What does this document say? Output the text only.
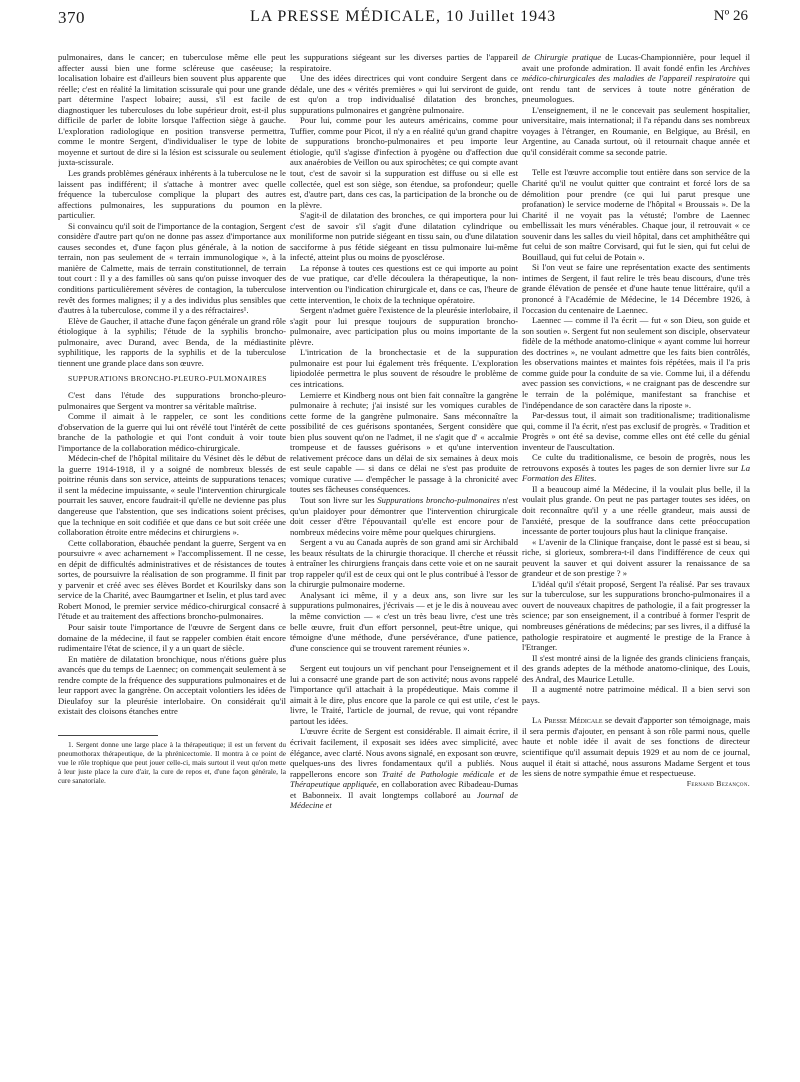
370	LA PRESSE MÉDICALE, 10 Juillet 1943	Nº 26

pulmonaires, dans le cancer; en tuberculose même elle peut affecter aussi bien une forme scléreuse que caséeuse; la localisation lobaire est d'ailleurs bien souvent plus apparente que réelle; c'est en réalité la limitation scissurale qui pour une grande part détermine l'aspect lobaire; aussi, s'il est facile de diagnostiquer les tuberculoses du lobe supérieur droit, est-il plus difficile de parler de lobite lorsque l'affection siège à gauche. L'exploration radiologique en position transverse permettra, comme le montre Sergent, d'individualiser le type de lobite moyenne et surtout de dire si la lésion est scissurale ou seulement juxta-scissurale.

Les grands problèmes généraux inhérents à la tuberculose ne le laissent pas indifférent; il s'attache à montrer avec quelle fréquence la tuberculose complique la plupart des autres affections pulmonaires, les suppurations du poumon en particulier.

Si convaincu qu'il soit de l'importance de la contagion, Sergent considère d'autre part qu'on ne donne pas assez d'importance aux causes secondes et, d'une façon plus générale, à la notion de terrain, non pas seulement de « terrain immunologique », à la manière de Calmette, mais de terrain constitutionnel, de terrain tout court : Il y a des familles où sans qu'on puisse invoquer des conditions particulièrement sévères de contagion, la tuberculose revêt des formes malignes; il y a des individus plus sensibles que d'autres à la tuberculose, comme il y a des réfractaires¹.

Elève de Gaucher, il attache d'une façon générale un grand rôle étiologique à la syphilis; l'étude de la syphilis broncho-pulmonaire, avec Durand, avec Benda, de la médiastinite syphilitique, les rapports de la syphilis et de la tuberculose tiennent une grande place dans son œuvre.

SUPPURATIONS BRONCHO-PLEURO-PULMONAIRES

C'est dans l'étude des suppurations broncho-pleuro-pulmonaires que Sergent va montrer sa véritable maîtrise.

Comme il aimait à le rappeler, ce sont les conditions d'observation de la guerre qui lui ont révélé tout l'intérêt de cette branche de la pathologie et qui l'ont conduit à voir toute l'importance de la collaboration médico-chirurgicale.

Médecin-chef de l'hôpital militaire du Vésinet dès le début de la guerre 1914-1918, il y a soigné de nombreux blessés de poitrine réunis dans son service, atteints de suppurations tenaces; il sent la médecine impuissante, « seule l'intervention chirurgicale pourrait les sauver, encore faudrait-il qu'elle ne devienne pas plus dangereuse que l'abstention, que ses indications soient précises, que la technique en soit codifiée et que dans ce but soit créée une collaboration étroite entre médecins et chirurgiens ».

Cette collaboration, ébauchée pendant la guerre, Sergent va en poursuivre « avec acharnement » l'accomplissement. Il ne cesse, en dépit de difficultés administratives et de résistances de toutes sortes, de poursuivre la réalisation de son programme. Il finit par y parvenir et créé avec ses élèves Bordet et Kourilsky dans son service de la Charité, avec Baumgartner et Iselin, et plus tard avec Robert Monod, le premier service médico-chirurgical consacré à l'étude et au traitement des affections broncho-pulmonaires.

Pour saisir toute l'importance de l'œuvre de Sergent dans ce domaine de la médecine, il faut se rappeler combien était encore rudimentaire l'état de science, il y a un quart de siècle.

En matière de dilatation bronchique, nous n'étions guère plus avancés que du temps de Laennec; on commençait seulement à se rendre compte de la fréquence des suppurations pulmonaires et de leur rapport avec la gangrène. On acceptait volontiers les idées de Dieulafoy sur la pleurésie interlobaire. On considérait qu'il existait des cloisons étanches entre

1. Sergent donne une large place à la thérapeutique; il est un fervent du pneumothorax thérapeutique, de la phrénicectomie. Il montra à ce point de vue le rôle trophique que peut jouer celle-ci, mais surtout il veut qu'on mette à leur juste place la cure d'air, la cure de repos et, d'une façon générale, la cure sanatoriale.

les suppurations siégeant sur les diverses parties de l'appareil respiratoire.

Une des idées directrices qui vont conduire Sergent dans ce dédale, une des « vérités premières » qui lui serviront de guide, est qu'on a trop individualisé dilatation des bronches, suppurations pulmonaires et gangrène pulmonaire.

Pour lui, comme pour les auteurs américains, comme pour Tuffier, comme pour Picot, il n'y a en réalité qu'un grand chapitre de suppurations broncho-pulmonaires et peu importe leur étiologie, qu'il s'agisse d'infection à pyogène ou d'affection due aux anaérobies de Veillon ou aux spirochètes; ce qui compte avant tout, c'est de savoir si la suppuration est diffuse ou si elle est collectée, quel est son siège, son étendue, sa profondeur; quelle est, d'autre part, dans ces cas, la participation de la bronche ou de la plèvre.

S'agit-il de dilatation des bronches, ce qui importera pour lui c'est de savoir s'il s'agit d'une dilatation cylindrique ou moniliforme non putride siégeant en tissu sain, ou d'une dilatation sacciforme à pus fétide siégeant en tissu pulmonaire lui-même infecté, atteint plus ou moins de pyosclérose.

La réponse à toutes ces questions est ce qui importe au point de vue pratique, car d'elle découlera la thérapeutique, la non-intervention ou l'indication chirurgicale et, dans ce cas, l'heure de cette intervention, le choix de la technique opératoire.

Sergent n'admet guère l'existence de la pleurésie interlobaire, il s'agit pour lui presque toujours de suppuration broncho-pulmonaire, avec participation plus ou moins importante de la plèvre.

L'intrication de la bronchectasie et de la suppuration pulmonaire est pour lui également très fréquente. L'exploration lipiodolée permettra le plus souvent de résoudre le problème de ces intrications.

Lemierre et Kindberg nous ont bien fait connaître la gangrène pulmonaire à rechute; j'ai insisté sur les vomiques curables de cette forme de la gangrène pulmonaire. Sans méconnaître la possibilité de ces guérisons spontanées, Sergent considère que bien plus souvent qu'on ne l'admet, il ne s'agit que d' « accalmie trompeuse et de fausses guérisons » et qu'une intervention relativement précoce dans un délai de six semaines à deux mois est seule capable — si dans ce délai ne s'est pas produite de vomique curative — d'empêcher le passage à la chronicité avec toutes ses fâcheuses conséquences.

Tout son livre sur les Suppurations broncho-pulmonaires n'est qu'un plaidoyer pour démontrer que l'intervention chirurgicale doit cesser d'être l'épouvantail qu'elle est encore pour de nombreux médecins voire même pour quelques chirurgiens.

Sergent a vu au Canada auprès de son grand ami sir Archibald les beaux résultats de la chirurgie thoracique. Il cherche et réussit à entraîner les chirurgiens français dans cette voie et on ne saurait trop rappeler qu'il est de ceux qui ont le plus contribué à l'essor de la chirurgie pulmonaire moderne.

Analysant ici même, il y a deux ans, son livre sur les suppurations pulmonaires, j'écrivais — et je le dis à nouveau avec la même conviction — « c'est un très beau livre, c'est une très belle œuvre, fruit d'un effort personnel, peut-être unique, qui témoigne d'une méthode, d'une persévérance, d'une patience, d'une conscience qui se trouvent rarement réunies ».

Sergent eut toujours un vif penchant pour l'enseignement et il lui a consacré une grande part de son activité; nous avons rappelé l'importance qu'il attachait à la propédeutique. Mais comme il aimait à le dire, plus encore que la parole ce qui est utile, c'est le livre, le Traité, l'article de journal, de revue, qui vont répandre partout les idées.

L'œuvre écrite de Sergent est considérable. Il aimait écrire, il écrivait facilement, il exposait ses idées avec simplicité, avec élégance, avec clarté. Nous avons signalé, en exposant son œuvre, quelques-uns des livres fondamentaux qu'il a publiés. Nous rappellerons encore son Traité de Pathologie médicale et de Thérapeutique appliquée, en collaboration avec Ribadeau-Dumas et Babonneix. Il avait longtemps collaboré au Journal de Médecine et

de Chirurgie pratique de Lucas-Championnière, pour lequel il avait une profonde admiration. Il avait fondé enfin les Archives médico-chirurgicales des maladies de l'appareil respiratoire qui ont rendu tant de services à toute notre génération de pneumologues.

L'enseignement, il ne le concevait pas seulement hospitalier, universitaire, mais international; il l'a répandu dans ses nombreux voyages à l'étranger, en Roumanie, en Belgique, au Brésil, en Argentine, au Canada surtout, où il retournait chaque année et qu'il considérait comme sa seconde patrie.

Telle est l'œuvre accomplie tout entière dans son service de la Charité qu'il ne voulut quitter que contraint et forcé lors de sa démolition pour prendre (ce qui lui parut presque une profanation) le service moderne de l'hôpital « Broussais ». De la Charité il ne voyait pas la vétusté; l'ombre de Laennec embellissait les murs vénérables. Chaque jour, il retrouvait « ce souvenir dans les salles du vieil hôpital, dans cet amphithéâtre qui fut celui de son maître Corvisard, qui fut le sien, qui fut celui de Bouillaud, qui fut celui de Potain ».

Si l'on veut se faire une représentation exacte des sentiments intimes de Sergent, il faut relire le très beau discours, d'une très grande élévation de pensée et d'une haute tenue littéraire, qu'il a prononcé à l'Académie de Médecine, le 14 Décembre 1926, à l'occasion du centenaire de Laennec.

Laennec — comme il l'a écrit — fut « son Dieu, son guide et son soutien ». Sergent fut non seulement son disciple, observateur fidèle de la méthode anatomo-clinique « ayant comme lui horreur des doctrines », ne voulant admettre que les faits bien contrôlés, les observations maintes et maintes fois répétées, mais il l'a pris comme guide pour la conduite de sa vie. Comme lui, il a défendu avec passion ses convictions, « ne craignant pas de descendre sur le terrain de la polémique, manifestant sa franchise et l'indépendance de son caractère dans la riposte ».

Par-dessus tout, il aimait son traditionalisme; traditionalisme qui, comme il l'a écrit, n'est pas exclusif de progrès. « Tradition et Progrès » ont été sa devise, comme elles ont été celle du génial inventeur de l'auscultation.

Ce culte du traditionalisme, ce besoin de progrès, nous les retrouvons exposés à toutes les pages de son dernier livre sur La Formation des Elites.

Il a beaucoup aimé la Médecine, il la voulait plus belle, il la voulait plus grande. On peut ne pas partager toutes ses idées, on doit reconnaître qu'il y a une réelle grandeur, mais aussi de l'anxiété, presque de la souffrance dans cette préoccupation incessante de porter toujours plus haut la clinique française.

« L'avenir de la Clinique française, dont le passé est si beau, si riche, si glorieux, sombrera-t-il dans l'indifférence de ceux qui peuvent la sauver et qui doivent assurer la renaissance de sa grandeur et de son prestige ? »

L'idéal qu'il s'était proposé, Sergent l'a réalisé. Par ses travaux sur la tuberculose, sur les suppurations broncho-pulmonaires il a ouvert de nouveaux chapitres de pathologie, il a fait progresser la science; par son enseignement, il a contribué à former l'esprit de nombreuses générations de médecins; par ses livres, il a diffusé la pathologie respiratoire et augmenté le prestige de la France à l'Etranger.

Il s'est montré ainsi de la lignée des grands cliniciens français, des grands adeptes de la méthode anatomo-clinique, des Louis, des Andral, des Maurice Letulle.

Il a augmenté notre patrimoine médical. Il a bien servi son pays.

La Presse Médicale se devait d'apporter son témoignage, mais il sera permis d'ajouter, en pensant à son rôle parmi nous, quelle haute et noble idée il avait de ses fonctions de directeur scientifique qu'il assumait depuis 1929 et au nom de ce journal, auquel il était si attaché, nous assurons Madame Sergent et tous les siens de notre sympathie émue et respectueuse.

Fernand Bezançon.
